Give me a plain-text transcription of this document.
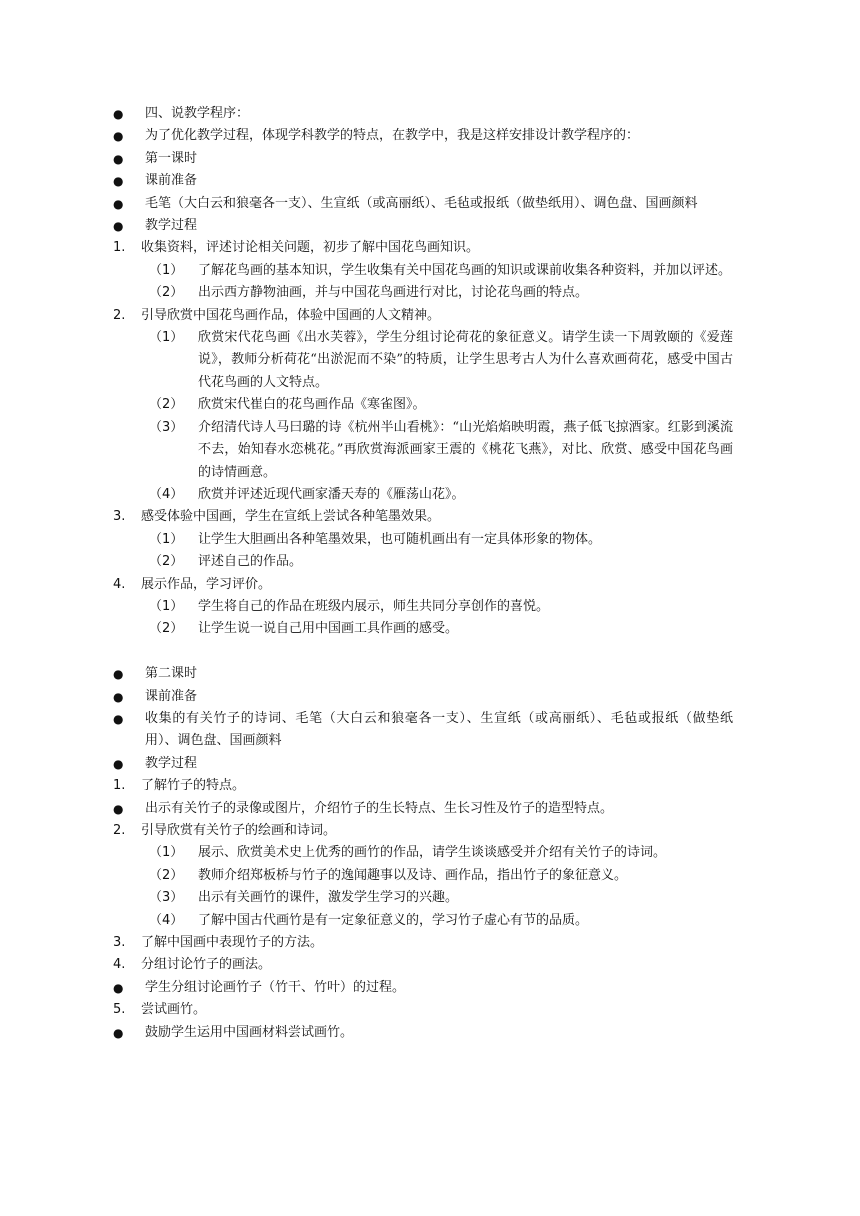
● 四、说教学程序：
● 为了优化教学过程，体现学科教学的特点，在教学中，我是这样安排设计教学程序的：
● 第一课时
● 课前准备
● 毛笔（大白云和狼毫各一支）、生宣纸（或高丽纸）、毛毡或报纸（做垫纸用）、调色盘、国画颜料
● 教学过程
1. 收集资料，评述讨论相关问题，初步了解中国花鸟画知识。
（1） 了解花鸟画的基本知识，学生收集有关中国花鸟画的知识或课前收集各种资料，并加以评述。
（2） 出示西方静物油画，并与中国花鸟画进行对比，讨论花鸟画的特点。
2. 引导欣赏中国花鸟画作品，体验中国画的人文精神。
（1） 欣赏宋代花鸟画《出水芙蓉》，学生分组讨论荷花的象征意义。请学生读一下周敦颐的《爱莲说》，教师分析荷花“出淤泥而不染”的特质，让学生思考古人为什么喜欢画荷花，感受中国古代花鸟画的人文特点。
（2） 欣赏宋代崔白的花鸟画作品《寒雀图》。
（3） 介绍清代诗人马曰璐的诗《杭州半山看桃》：“山光焰焰映明霞，燕子低飞掠酒家。红影到溪流不去，始知春水恋桃花。”再欣赏海派画家王震的《桃花飞燕》，对比、欣赏、感受中国花鸟画的诗情画意。
（4） 欣赏并评述近现代画家潘天寿的《雁荡山花》。
3. 感受体验中国画，学生在宣纸上尝试各种笔墨效果。
（1） 让学生大胆画出各种笔墨效果，也可随机画出有一定具体形象的物体。
（2） 评述自己的作品。
4. 展示作品，学习评价。
（1） 学生将自己的作品在班级内展示，师生共同分享创作的喜悦。
（2） 让学生说一说自己用中国画工具作画的感受。
● 第二课时
● 课前准备
● 收集的有关竹子的诗词、毛笔（大白云和狼毫各一支）、生宣纸（或高丽纸）、毛毡或报纸（做垫纸用）、调色盘、国画颜料
● 教学过程
1. 了解竹子的特点。
● 出示有关竹子的录像或图片，介绍竹子的生长特点、生长习性及竹子的造型特点。
2. 引导欣赏有关竹子的绘画和诗词。
（1） 展示、欣赏美术史上优秀的画竹的作品，请学生谈谈感受并介绍有关竹子的诗词。
（2） 教师介绍郑板桥与竹子的逸闻趣事以及诗、画作品，指出竹子的象征意义。
（3） 出示有关画竹的课件，激发学生学习的兴趣。
（4） 了解中国古代画竹是有一定象征意义的，学习竹子虚心有节的品质。
3. 了解中国画中表现竹子的方法。
4. 分组讨论竹子的画法。
● 学生分组讨论画竹子（竹干、竹叶）的过程。
5. 尝试画竹。
● 鼓励学生运用中国画材料尝试画竹。
